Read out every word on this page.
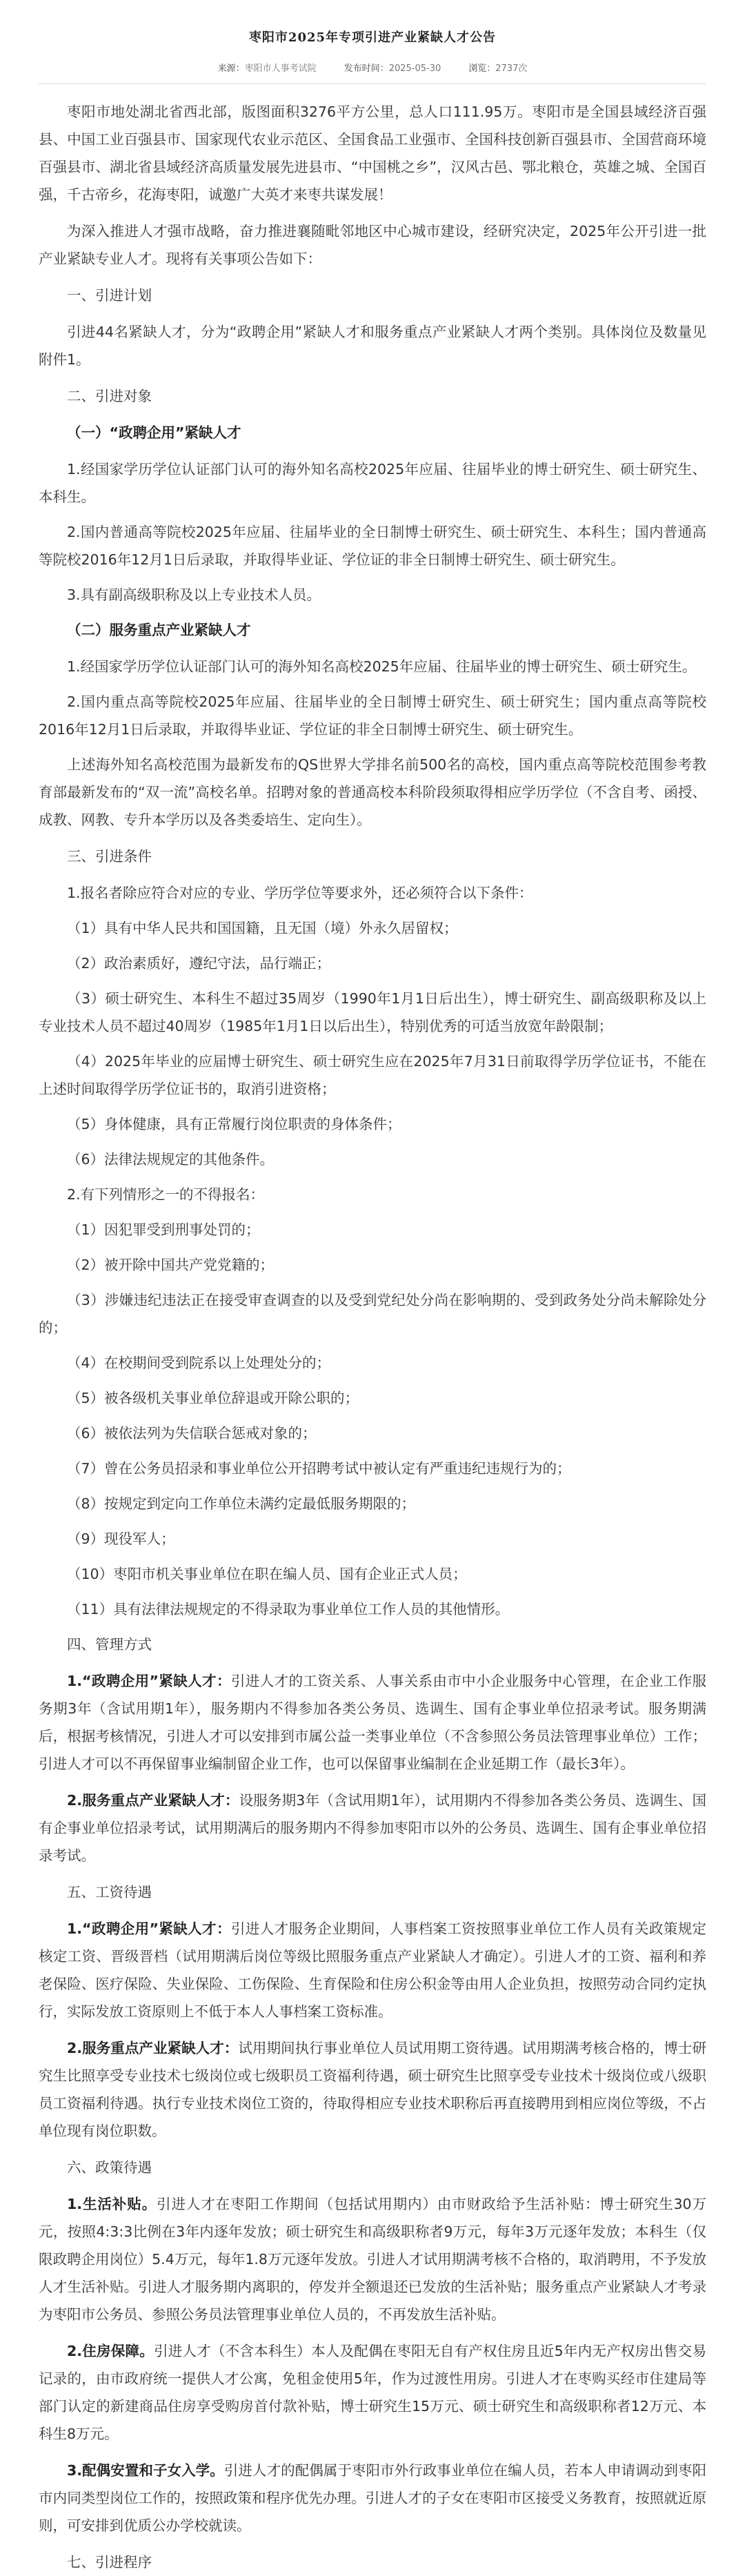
枣阳市2025年专项引进产业紧缺人才公告
来源：枣阳市人事考试院	发布时间：2025-05-30	浏览：2737次

枣阳市地处湖北省西北部，版图面积3276平方公里，总人口111.95万。枣阳市是全国县域经济百强县、中国工业百强县市、国家现代农业示范区、全国食品工业强市、全国科技创新百强县市、全国营商环境百强县市、湖北省县域经济高质量发展先进县市、“中国桃之乡”，汉风古邑、鄂北粮仓，英雄之城、全国百强，千古帝乡，花海枣阳，诚邀广大英才来枣共谋发展！

为深入推进人才强市战略，奋力推进襄随毗邻地区中心城市建设，经研究决定，2025年公开引进一批产业紧缺专业人才。现将有关事项公告如下：

一、引进计划

引进44名紧缺人才，分为“政聘企用”紧缺人才和服务重点产业紧缺人才两个类别。具体岗位及数量见附件1。

二、引进对象

（一）“政聘企用”紧缺人才

1.经国家学历学位认证部门认可的海外知名高校2025年应届、往届毕业的博士研究生、硕士研究生、本科生。

2.国内普通高等院校2025年应届、往届毕业的全日制博士研究生、硕士研究生、本科生；国内普通高等院校2016年12月1日后录取，并取得毕业证、学位证的非全日制博士研究生、硕士研究生。

3.具有副高级职称及以上专业技术人员。

（二）服务重点产业紧缺人才

1.经国家学历学位认证部门认可的海外知名高校2025年应届、往届毕业的博士研究生、硕士研究生。

2.国内重点高等院校2025年应届、往届毕业的全日制博士研究生、硕士研究生；国内重点高等院校2016年12月1日后录取，并取得毕业证、学位证的非全日制博士研究生、硕士研究生。

上述海外知名高校范围为最新发布的QS世界大学排名前500名的高校，国内重点高等院校范围参考教育部最新发布的“双一流”高校名单。招聘对象的普通高校本科阶段须取得相应学历学位（不含自考、函授、成教、网教、专升本学历以及各类委培生、定向生）。

三、引进条件

1.报名者除应符合对应的专业、学历学位等要求外，还必须符合以下条件：

（1）具有中华人民共和国国籍，且无国（境）外永久居留权；

（2）政治素质好，遵纪守法，品行端正；

（3）硕士研究生、本科生不超过35周岁（1990年1月1日后出生），博士研究生、副高级职称及以上专业技术人员不超过40周岁（1985年1月1日以后出生），特别优秀的可适当放宽年龄限制；

（4）2025年毕业的应届博士研究生、硕士研究生应在2025年7月31日前取得学历学位证书，不能在上述时间取得学历学位证书的，取消引进资格；

（5）身体健康，具有正常履行岗位职责的身体条件；

（6）法律法规规定的其他条件。

2.有下列情形之一的不得报名：

（1）因犯罪受到刑事处罚的；

（2）被开除中国共产党党籍的；

（3）涉嫌违纪违法正在接受审查调查的以及受到党纪处分尚在影响期的、受到政务处分尚未解除处分的；

（4）在校期间受到院系以上处理处分的；

（5）被各级机关事业单位辞退或开除公职的；

（6）被依法列为失信联合惩戒对象的；

（7）曾在公务员招录和事业单位公开招聘考试中被认定有严重违纪违规行为的；

（8）按规定到定向工作单位未满约定最低服务期限的；

（9）现役军人；

（10）枣阳市机关事业单位在职在编人员、国有企业正式人员；

（11）具有法律法规规定的不得录取为事业单位工作人员的其他情形。

四、管理方式

1.“政聘企用”紧缺人才：引进人才的工资关系、人事关系由市中小企业服务中心管理，在企业工作服务期3年（含试用期1年），服务期内不得参加各类公务员、选调生、国有企事业单位招录考试。服务期满后，根据考核情况，引进人才可以安排到市属公益一类事业单位（不含参照公务员法管理事业单位）工作；引进人才可以不再保留事业编制留企业工作，也可以保留事业编制在企业延期工作（最长3年）。

2.服务重点产业紧缺人才：设服务期3年（含试用期1年），试用期内不得参加各类公务员、选调生、国有企事业单位招录考试，试用期满后的服务期内不得参加枣阳市以外的公务员、选调生、国有企事业单位招录考试。

五、工资待遇

1.“政聘企用”紧缺人才：引进人才服务企业期间，人事档案工资按照事业单位工作人员有关政策规定核定工资、晋级晋档（试用期满后岗位等级比照服务重点产业紧缺人才确定）。引进人才的工资、福利和养老保险、医疗保险、失业保险、工伤保险、生育保险和住房公积金等由用人企业负担，按照劳动合同约定执行，实际发放工资原则上不低于本人人事档案工资标准。

2.服务重点产业紧缺人才：试用期间执行事业单位人员试用期工资待遇。试用期满考核合格的，博士研究生比照享受专业技术七级岗位或七级职员工资福利待遇，硕士研究生比照享受专业技术十级岗位或八级职员工资福利待遇。执行专业技术岗位工资的，待取得相应专业技术职称后再直接聘用到相应岗位等级，不占单位现有岗位职数。

六、政策待遇

1.生活补贴。引进人才在枣阳工作期间（包括试用期内）由市财政给予生活补贴：博士研究生30万元，按照4:3:3比例在3年内逐年发放；硕士研究生和高级职称者9万元，每年3万元逐年发放；本科生（仅限政聘企用岗位）5.4万元，每年1.8万元逐年发放。引进人才试用期满考核不合格的，取消聘用，不予发放人才生活补贴。引进人才服务期内离职的，停发并全额退还已发放的生活补贴；服务重点产业紧缺人才考录为枣阳市公务员、参照公务员法管理事业单位人员的，不再发放生活补贴。

2.住房保障。引进人才（不含本科生）本人及配偶在枣阳无自有产权住房且近5年内无产权房出售交易记录的，由市政府统一提供人才公寓，免租金使用5年，作为过渡性用房。引进人才在枣购买经市住建局等部门认定的新建商品住房享受购房首付款补贴，博士研究生15万元、硕士研究生和高级职称者12万元、本科生8万元。

3.配偶安置和子女入学。引进人才的配偶属于枣阳市外行政事业单位在编人员，若本人申请调动到枣阳市内同类型岗位工作的，按照政策和程序优先办理。引进人才的子女在枣阳市区接受义务教育，按照就近原则，可安排到优质公办学校就读。

七、引进程序
